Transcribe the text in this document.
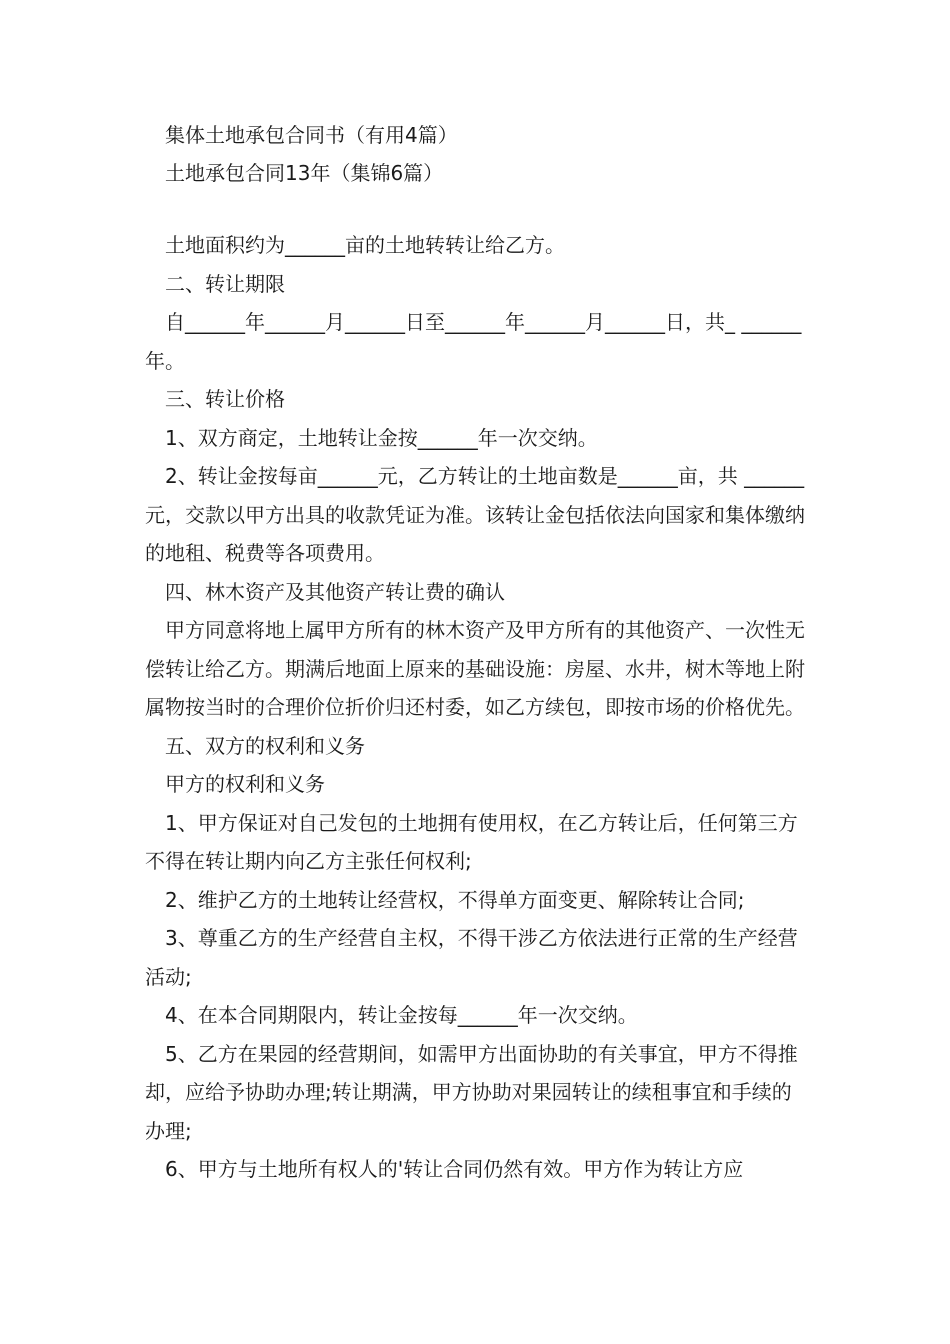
集体土地承包合同书（有用4篇）
土地承包合同13年（集锦6篇）

土地面积约为______亩的土地转转让给乙方。

二、转让期限

自______年______月______日至______年______月______日，共_ ______年。

三、转让价格

1、双方商定，土地转让金按______年一次交纳。

2、转让金按每亩______元，乙方转让的土地亩数是______亩，共 ______元，交款以甲方出具的收款凭证为准。该转让金包括依法向国家和集体缴纳的地租、税费等各项费用。

四、林木资产及其他资产转让费的确认

甲方同意将地上属甲方所有的林木资产及甲方所有的其他资产、一次性无偿转让给乙方。期满后地面上原来的基础设施：房屋、水井，树木等地上附属物按当时的合理价位折价归还村委，如乙方续包，即按市场的价格优先。

五、双方的权利和义务

甲方的权利和义务

1、甲方保证对自己发包的土地拥有使用权，在乙方转让后，任何第三方不得在转让期内向乙方主张任何权利;

2、维护乙方的土地转让经营权，不得单方面变更、解除转让合同;

3、尊重乙方的生产经营自主权，不得干涉乙方依法进行正常的生产经营活动;

4、在本合同期限内，转让金按每______年一次交纳。

5、乙方在果园的经营期间，如需甲方出面协助的有关事宜，甲方不得推却，应给予协助办理;转让期满，甲方协助对果园转让的续租事宜和手续的办理;

6、甲方与土地所有权人的'转让合同仍然有效。甲方作为转让方应
